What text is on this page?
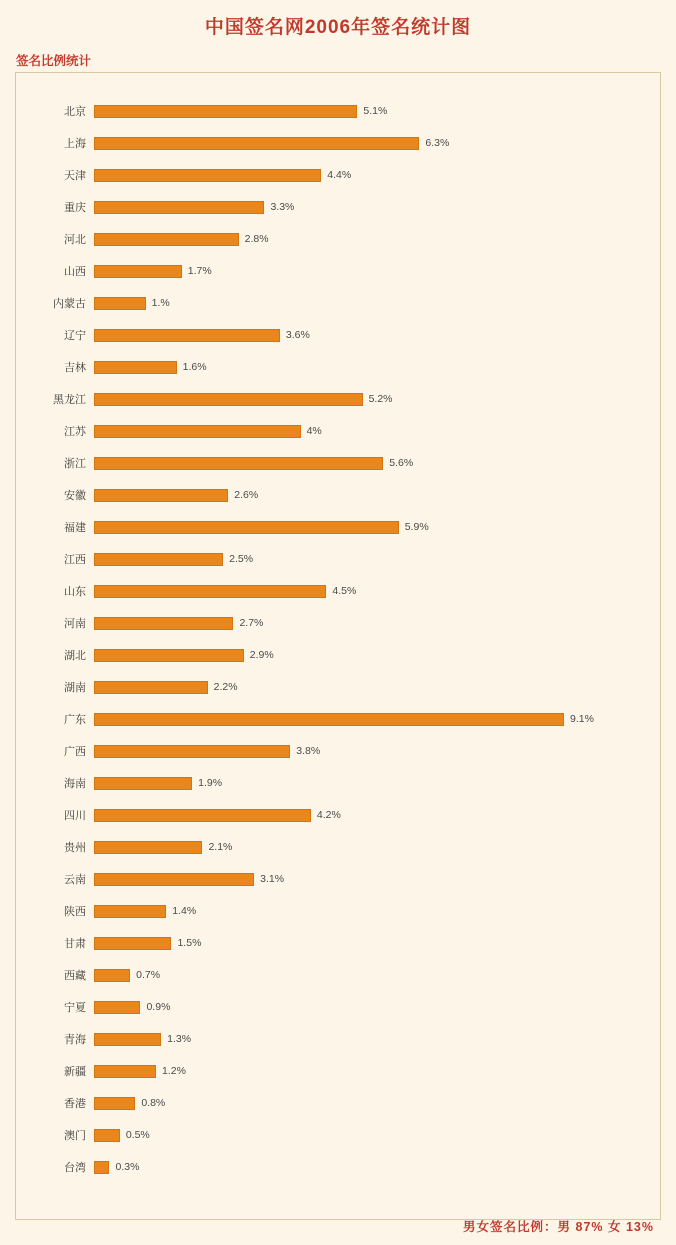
中国签名网2006年签名统计图
签名比例统计
北京	5.1%
上海	6.3%
天津	4.4%
重庆	3.3%
河北	2.8%
山西	1.7%
内蒙古	1.%
辽宁	3.6%
吉林	1.6%
黑龙江	5.2%
江苏	4%
浙江	5.6%
安徽	2.6%
福建	5.9%
江西	2.5%
山东	4.5%
河南	2.7%
湖北	2.9%
湖南	2.2%
广东	9.1%
广西	3.8%
海南	1.9%
四川	4.2%
贵州	2.1%
云南	3.1%
陕西	1.4%
甘肃	1.5%
西藏	0.7%
宁夏	0.9%
青海	1.3%
新疆	1.2%
香港	0.8%
澳门	0.5%
台湾	0.3%
男女签名比例：男 87% 女 13%
